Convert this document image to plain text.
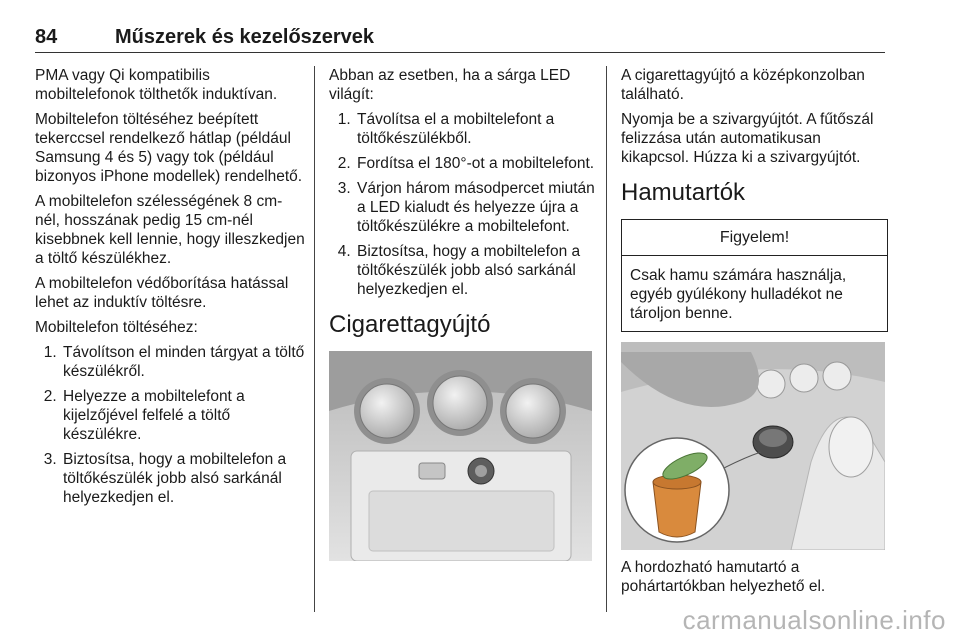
84	Műszerek és kezelőszervek

PMA vagy Qi kompatibilis mobiltelefonok tölthetők induktívan.

Mobiltelefon töltéséhez beépített tekerccsel rendelkező hátlap (például Samsung 4 és 5) vagy tok (például bizonyos iPhone modellek) rendelhető.

A mobiltelefon szélességének 8 cm-nél, hosszának pedig 15 cm-nél kisebbnek kell lennie, hogy illeszkedjen a töltő készülékhez.

A mobiltelefon védőborítása hatással lehet az induktív töltésre.

Mobiltelefon töltéséhez:

1. Távolítson el minden tárgyat a töltő készülékről.
2. Helyezze a mobiltelefont a kijelzőjével felfelé a töltő készülékre.
3. Biztosítsa, hogy a mobiltelefon a töltőkészülék jobb alsó sarkánál helyezkedjen el.

Abban az esetben, ha a sárga LED világít:

1. Távolítsa el a mobiltelefont a töltőkészülékből.
2. Fordítsa el 180°-ot a mobiltelefont.
3. Várjon három másodpercet miután a LED kialudt és helyezze újra a töltőkészülékre a mobiltelefont.
4. Biztosítsa, hogy a mobiltelefon a töltőkészülék jobb alsó sarkánál helyezkedjen el.
Cigarettagyújtó

A cigarettagyújtó a középkonzolban található.

Nyomja be a szivargyújtót. A fűtőszál felizzása után automatikusan kikapcsol. Húzza ki a szivargyújtót.

Hamutartók
Figyelem!
Csak hamu számára használja, egyéb gyúlékony hulladékot ne tároljon benne.

A hordozható hamutartó a pohártartókban helyezhető el.

carmanualsonline.info
